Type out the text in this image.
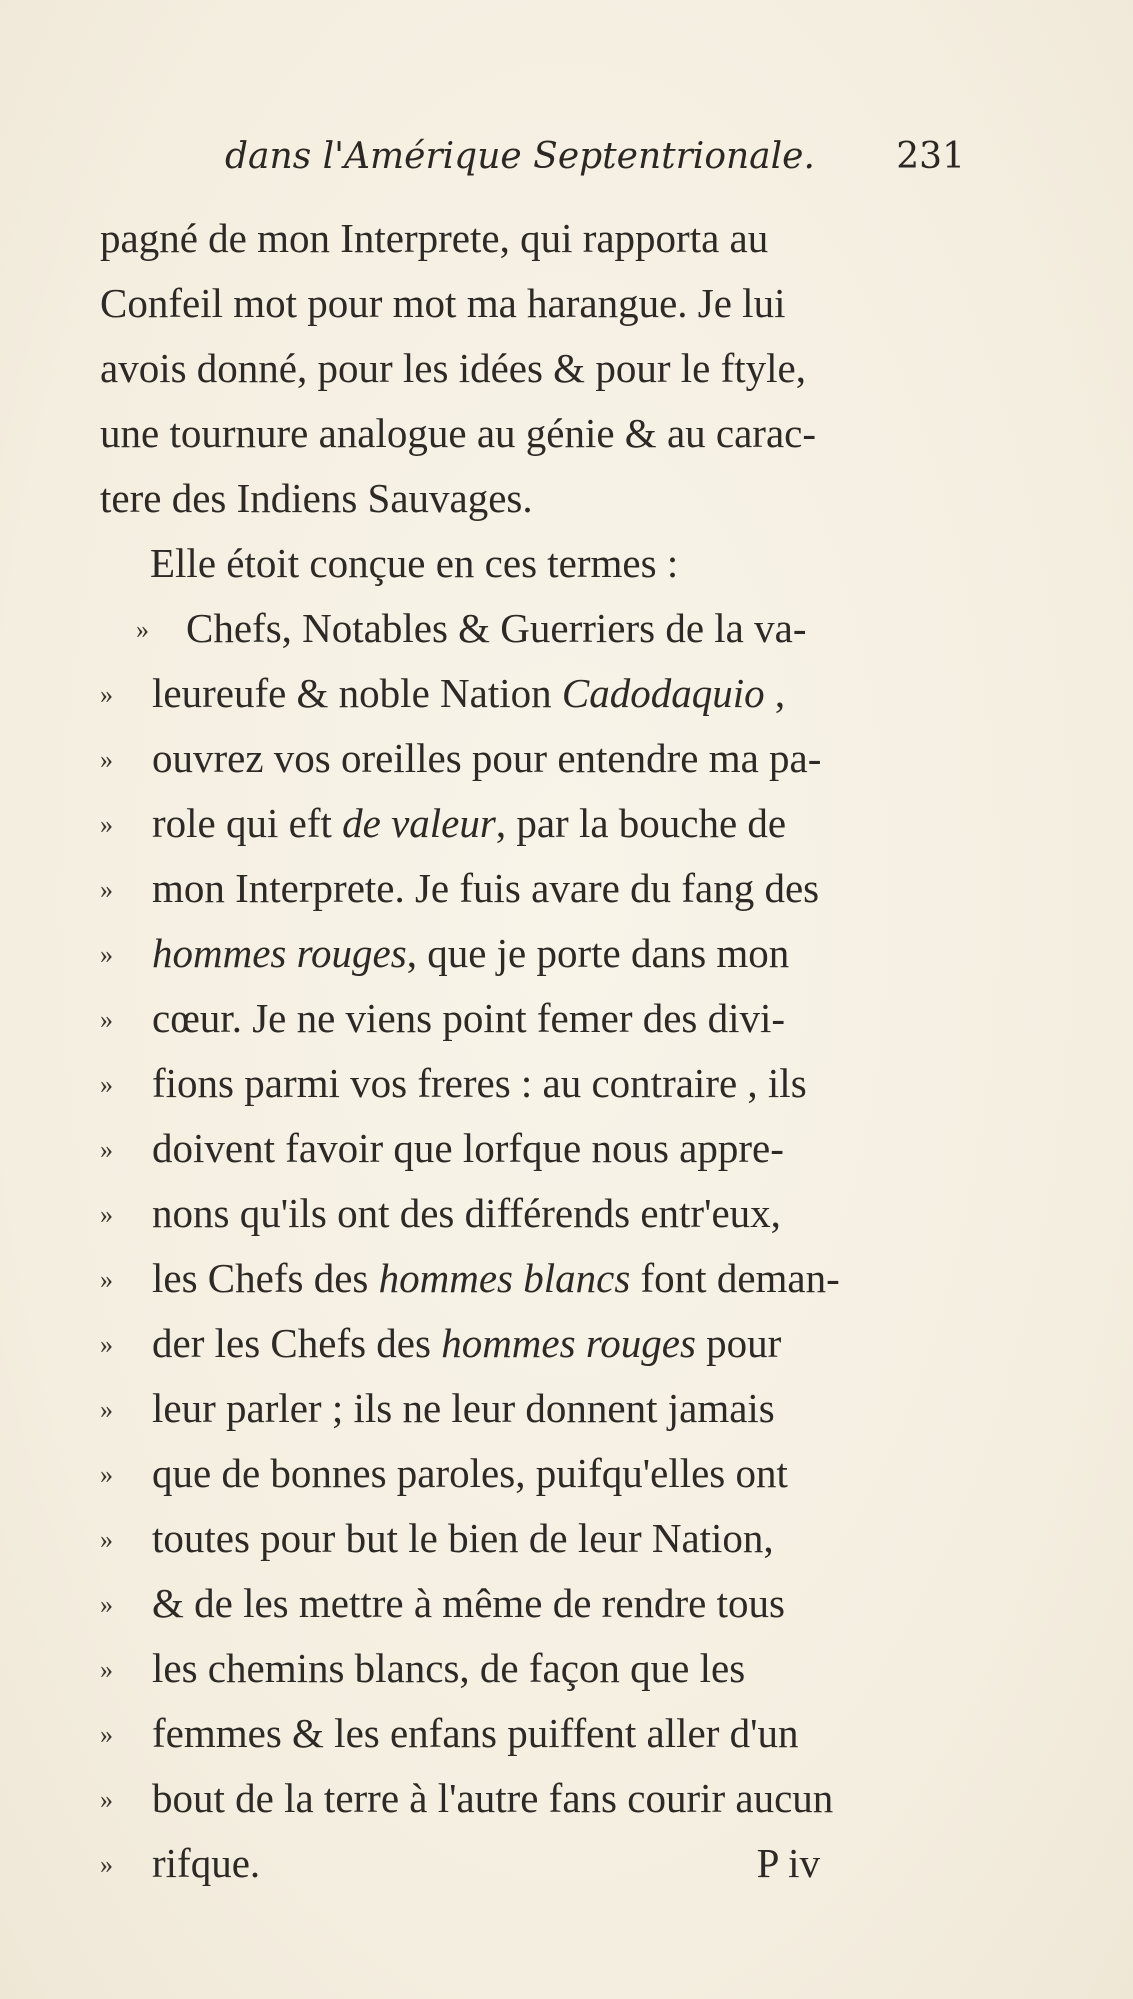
dans l'Amérique Septentrionale. 231
pagné de mon Interprete, qui rapporta au
Confeil mot pour mot ma harangue. Je lui
avois donné, pour les idées & pour le ftyle,
une tournure analogue au génie & au carac-
tere des Indiens Sauvages.
Elle étoit conçue en ces termes :
» Chefs, Notables & Guerriers de la va-
» leureufe & noble Nation Cadodaquio ,
» ouvrez vos oreilles pour entendre ma pa-
» role qui eft de valeur, par la bouche de
» mon Interprete. Je fuis avare du fang des
» hommes rouges, que je porte dans mon
» cœur. Je ne viens point femer des divi-
» fions parmi vos freres : au contraire , ils
» doivent favoir que lorfque nous appre-
» nons qu'ils ont des différends entr'eux,
» les Chefs des hommes blancs font deman-
» der les Chefs des hommes rouges pour
» leur parler ; ils ne leur donnent jamais
» que de bonnes paroles, puifqu'elles ont
» toutes pour but le bien de leur Nation,
» & de les mettre à même de rendre tous
» les chemins blancs, de façon que les
» femmes & les enfans puiffent aller d'un
» bout de la terre à l'autre fans courir aucun
» rifque.	P iv
